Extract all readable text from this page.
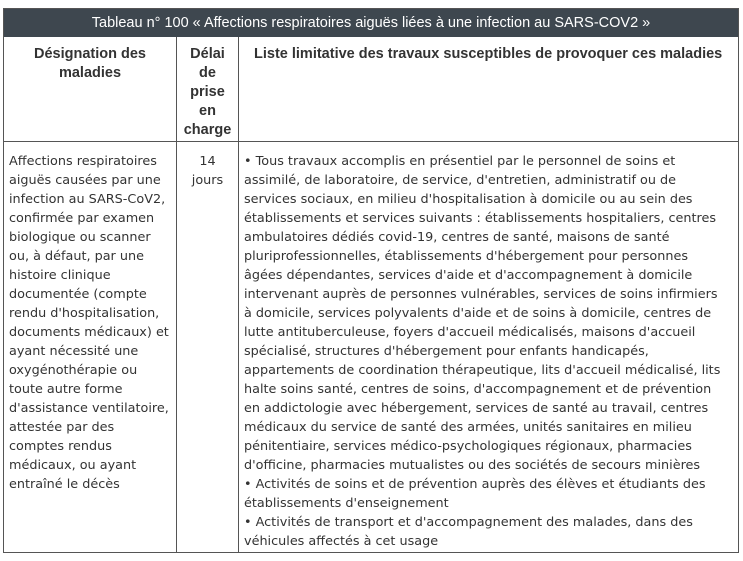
Tableau n° 100 « Affections respiratoires aiguës liées à une infection au SARS-COV2 »
Désignation des
maladies
Délai
de
prise
en
charge
Liste limitative des travaux susceptibles de provoquer ces maladies
Affections respiratoires
aiguës causées par une
infection au SARS-CoV2,
confirmée par examen
biologique ou scanner
ou, à défaut, par une
histoire clinique
documentée (compte
rendu d'hospitalisation,
documents médicaux) et
ayant nécessité une
oxygénothérapie ou
toute autre forme
d'assistance ventilatoire,
attestée par des
comptes rendus
médicaux, ou ayant
entraîné le décès
14
jours
• Tous travaux accomplis en présentiel par le personnel de soins et
assimilé, de laboratoire, de service, d'entretien, administratif ou de
services sociaux, en milieu d'hospitalisation à domicile ou au sein des
établissements et services suivants : établissements hospitaliers, centres
ambulatoires dédiés covid-19, centres de santé, maisons de santé
pluriprofessionnelles, établissements d'hébergement pour personnes
âgées dépendantes, services d'aide et d'accompagnement à domicile
intervenant auprès de personnes vulnérables, services de soins infirmiers
à domicile, services polyvalents d'aide et de soins à domicile, centres de
lutte antituberculeuse, foyers d'accueil médicalisés, maisons d'accueil
spécialisé, structures d'hébergement pour enfants handicapés,
appartements de coordination thérapeutique, lits d'accueil médicalisé, lits
halte soins santé, centres de soins, d'accompagnement et de prévention
en addictologie avec hébergement, services de santé au travail, centres
médicaux du service de santé des armées, unités sanitaires en milieu
pénitentiaire, services médico-psychologiques régionaux, pharmacies
d'officine, pharmacies mutualistes ou des sociétés de secours minières
• Activités de soins et de prévention auprès des élèves et étudiants des
établissements d'enseignement
• Activités de transport et d'accompagnement des malades, dans des
véhicules affectés à cet usage
